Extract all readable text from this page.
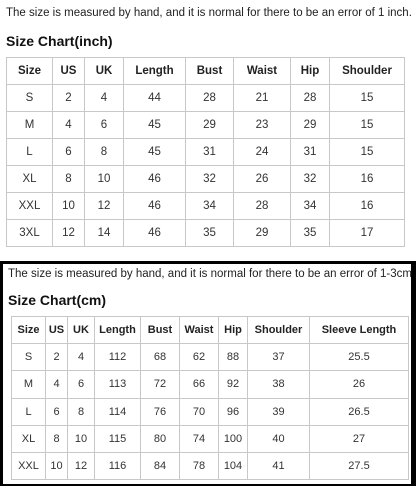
The size is measured by hand, and it is normal for there to be an error of 1 inch.
Size Chart(inch)
Size	US	UK	Length	Bust	Waist	Hip	Shoulder
S	2	4	44	28	21	28	15
M	4	6	45	29	23	29	15
L	6	8	45	31	24	31	15
XL	8	10	46	32	26	32	16
XXL	10	12	46	34	28	34	16
3XL	12	14	46	35	29	35	17
The size is measured by hand, and it is normal for there to be an error of 1-3cm
Size Chart(cm)
Size	US	UK	Length	Bust	Waist	Hip	Shoulder	Sleeve Length
S	2	4	112	68	62	88	37	25.5
M	4	6	113	72	66	92	38	26
L	6	8	114	76	70	96	39	26.5
XL	8	10	115	80	74	100	40	27
XXL	10	12	116	84	78	104	41	27.5
